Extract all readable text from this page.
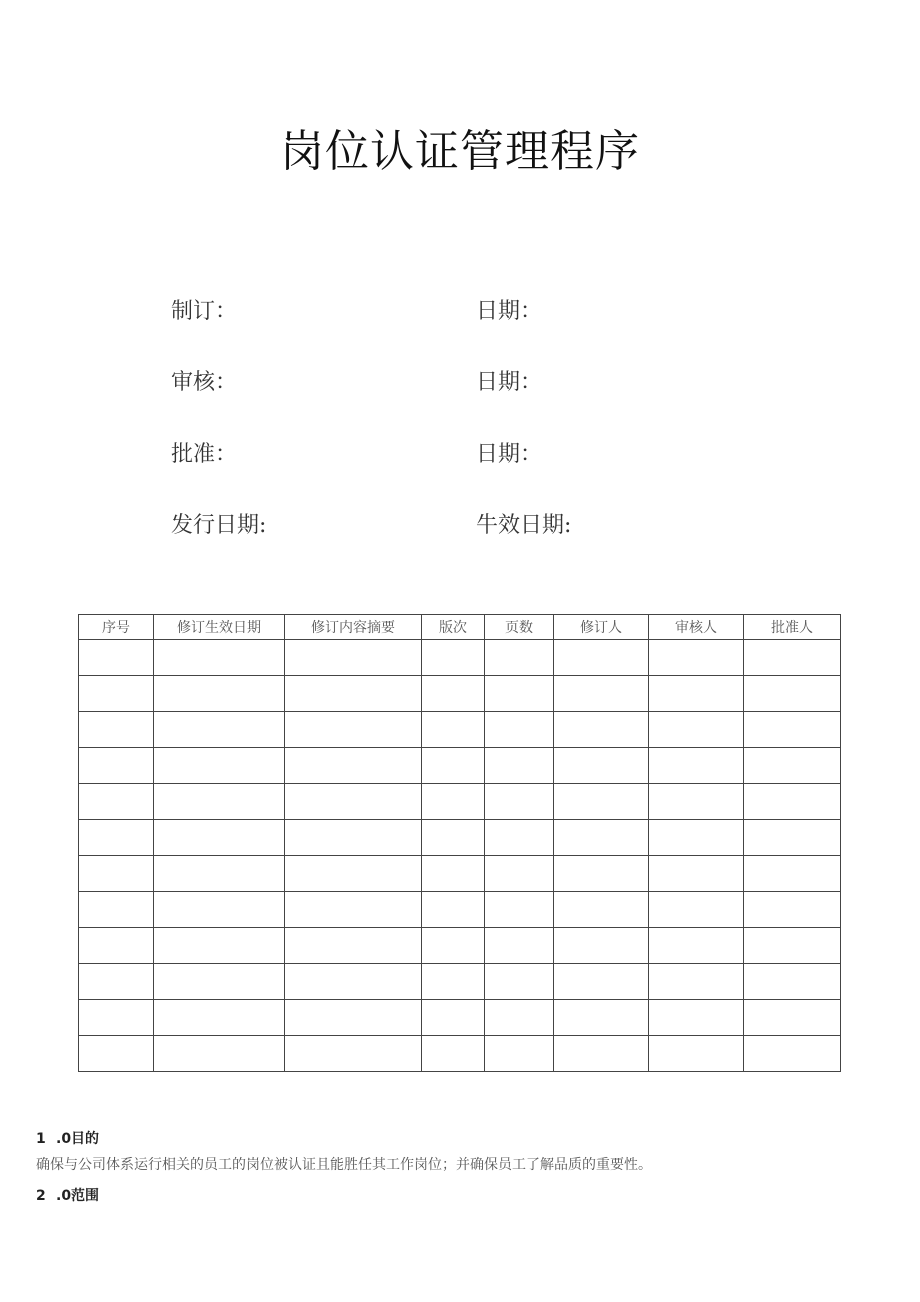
岗位认证管理程序
制订：	日期：
审核：	日期：
批准：	日期：
发行日期:	牛效日期:
序号	修订生效日期	修订内容摘要	版次	页数	修订人	审核人	批准人

1 .0目的
确保与公司体系运行相关的员工的岗位被认证且能胜任其工作岗位；并确保员工了解品质的重要性。
2 .0范围
